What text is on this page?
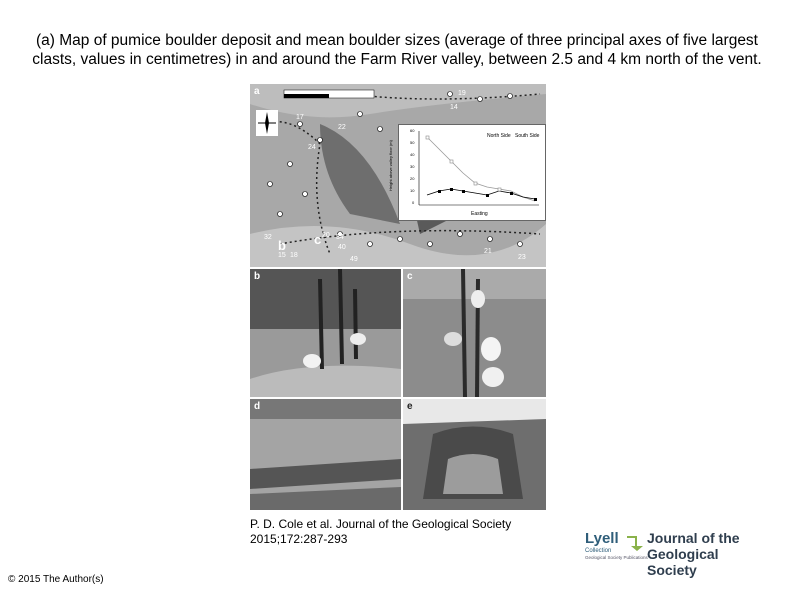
(a) Map of pumice boulder deposit and mean boulder sizes (average of three principal axes of five largest clasts, values in centimetres) in and around the Farm River valley, between 2.5 and 4 km north of the vent.
a
17
22
24
14
32	20
15
19
18
40
49
34
21
23
b c
North Side South Side
Easting
Height above valley floor (m)
60
50
40
30
20
10
0
b	c
d	e
P. D. Cole et al. Journal of the Geological Society
2015;172:287-293
© 2015 The Author(s)
Lyell
Collection
Geological Society Publications
Journal of the
Geological Society
